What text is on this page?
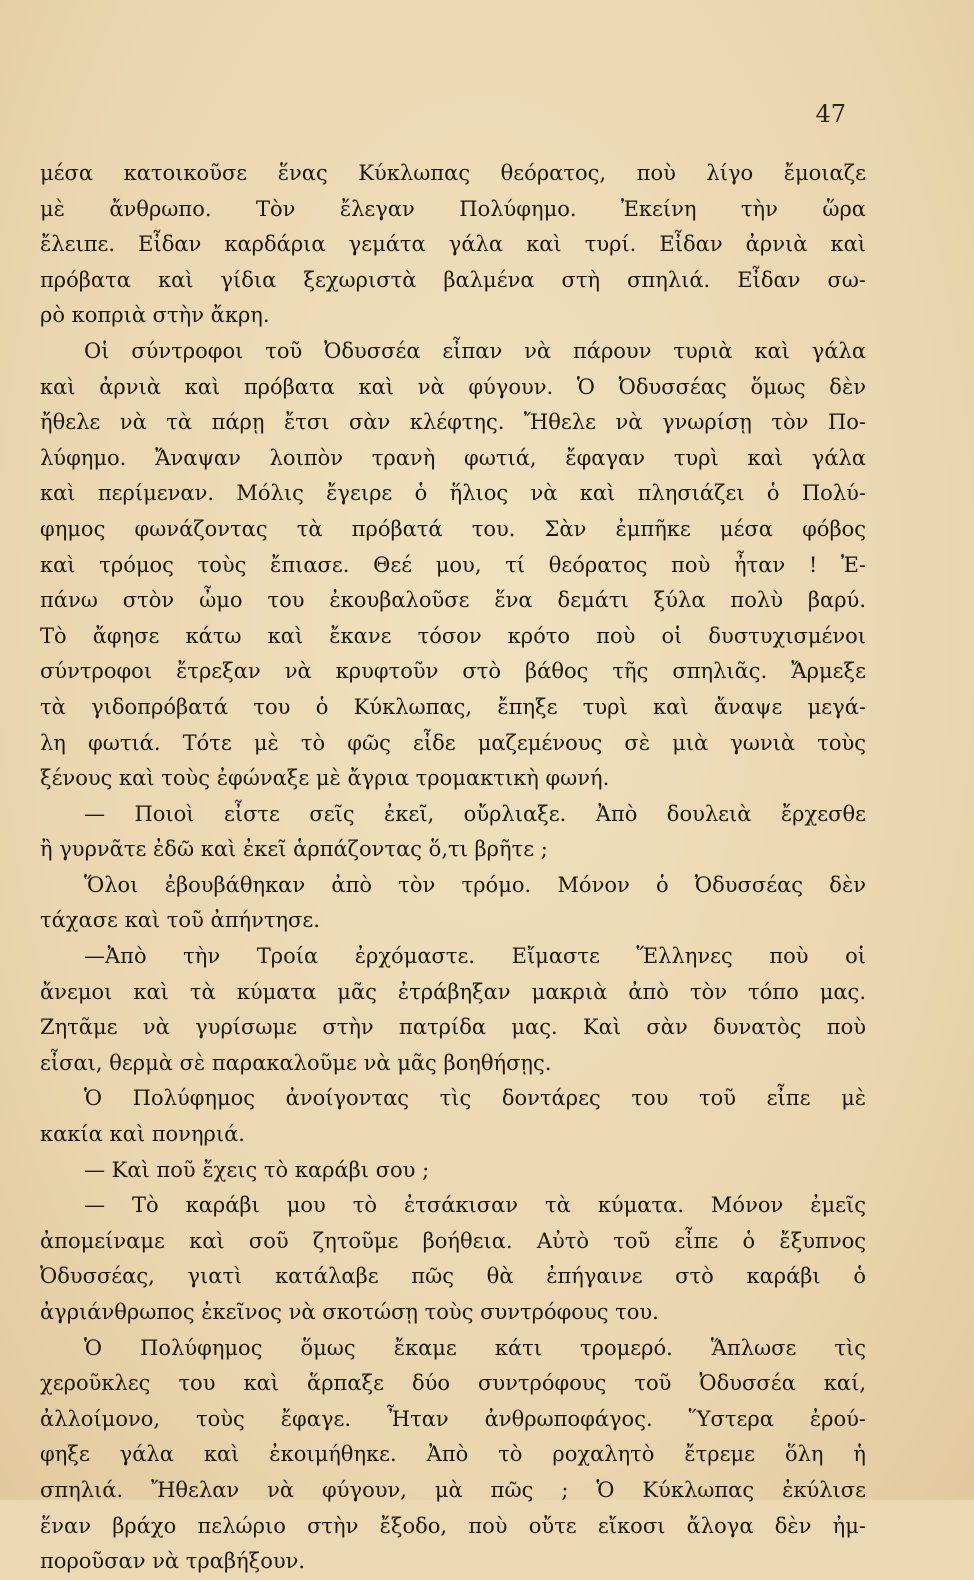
47
μέσα κατοικοῦσε ἕνας Κύκλωπας θεόρατος, ποὺ λίγο ἔμοιαζε
μὲ ἄνθρωπο. Τὸν ἔλεγαν Πολύφημο. Ἐκείνη τὴν ὥρα
ἔλειπε. Εἶδαν καρδάρια γεμάτα γάλα καὶ τυρί. Εἶδαν ἀρνιὰ καὶ
πρόβατα καὶ γίδια ξεχωριστὰ βαλμένα στὴ σπηλιά. Εἶδαν σω-
ρὸ κοπριὰ στὴν ἄκρη.
Οἱ σύντροφοι τοῦ Ὀδυσσέα εἶπαν νὰ πάρουν τυριὰ καὶ γάλα
καὶ ἀρνιὰ καὶ πρόβατα καὶ νὰ φύγουν. Ὁ Ὀδυσσέας ὅμως δὲν
ἤθελε νὰ τὰ πάρῃ ἔτσι σὰν κλέφτης. Ἤθελε νὰ γνωρίσῃ τὸν Πο-
λύφημο. Ἄναψαν λοιπὸν τρανὴ φωτιά, ἔφαγαν τυρὶ καὶ γάλα
καὶ περίμεναν. Μόλις ἔγειρε ὁ ἥλιος νὰ καὶ πλησιάζει ὁ Πολύ-
φημος φωνάζοντας τὰ πρόβατά του. Σὰν ἐμπῆκε μέσα φόβος
καὶ τρόμος τοὺς ἔπιασε. Θεέ μου, τί θεόρατος ποὺ ἦταν ! Ἐ-
πάνω στὸν ὦμο του ἐκουβαλοῦσε ἕνα δεμάτι ξύλα πολὺ βαρύ.
Τὸ ἄφησε κάτω καὶ ἔκανε τόσον κρότο ποὺ οἱ δυστυχισμένοι
σύντροφοι ἔτρεξαν νὰ κρυφτοῦν στὸ βάθος τῆς σπηλιᾶς. Ἄρμεξε
τὰ γιδοπρόβατά του ὁ Κύκλωπας, ἔπηξε τυρὶ καὶ ἄναψε μεγά-
λη φωτιά. Τότε μὲ τὸ φῶς εἶδε μαζεμένους σὲ μιὰ γωνιὰ τοὺς
ξένους καὶ τοὺς ἐφώναξε μὲ ἄγρια τρομακτικὴ φωνή.
— Ποιοὶ εἶστε σεῖς ἐκεῖ, οὔρλιαξε. Ἀπὸ δουλειὰ ἔρχεσθε
ἢ γυρνᾶτε ἐδῶ καὶ ἐκεῖ ἁρπάζοντας ὅ,τι βρῆτε ;
Ὅλοι ἐβουβάθηκαν ἀπὸ τὸν τρόμο. Μόνον ὁ Ὀδυσσέας δὲν
τάχασε καὶ τοῦ ἀπήντησε.
—Ἀπὸ τὴν Τροία ἐρχόμαστε. Εἴμαστε Ἕλληνες ποὺ οἱ
ἄνεμοι καὶ τὰ κύματα μᾶς ἐτράβηξαν μακριὰ ἀπὸ τὸν τόπο μας.
Ζητᾶμε νὰ γυρίσωμε στὴν πατρίδα μας. Καὶ σὰν δυνατὸς ποὺ
εἶσαι, θερμὰ σὲ παρακαλοῦμε νὰ μᾶς βοηθήσῃς.
Ὁ Πολύφημος ἀνοίγοντας τὶς δοντάρες του τοῦ εἶπε μὲ
κακία καὶ πονηριά.
— Καὶ ποῦ ἔχεις τὸ καράβι σου ;
— Τὸ καράβι μου τὸ ἐτσάκισαν τὰ κύματα. Μόνον ἐμεῖς
ἀπομείναμε καὶ σοῦ ζητοῦμε βοήθεια. Αὐτὸ τοῦ εἶπε ὁ ἔξυπνος
Ὀδυσσέας, γιατὶ κατάλαβε πῶς θὰ ἐπήγαινε στὸ καράβι ὁ
ἀγριάνθρωπος ἐκεῖνος νὰ σκοτώσῃ τοὺς συντρόφους του.
Ὁ Πολύφημος ὅμως ἔκαμε κάτι τρομερό. Ἅπλωσε τὶς
χεροῦκλες του καὶ ἅρπαξε δύο συντρόφους τοῦ Ὀδυσσέα καί,
ἀλλοίμονο, τοὺς ἔφαγε. Ἦταν ἀνθρωποφάγος. Ὕστερα ἐρού-
φηξε γάλα καὶ ἐκοιμήθηκε. Ἀπὸ τὸ ροχαλητὸ ἔτρεμε ὅλη ἡ
σπηλιά. Ἤθελαν νὰ φύγουν, μὰ πῶς ; Ὁ Κύκλωπας ἐκύλισε
ἕναν βράχο πελώριο στὴν ἔξοδο, ποὺ οὔτε εἴκοσι ἄλογα δὲν ἠμ-
ποροῦσαν νὰ τραβήξουν.
